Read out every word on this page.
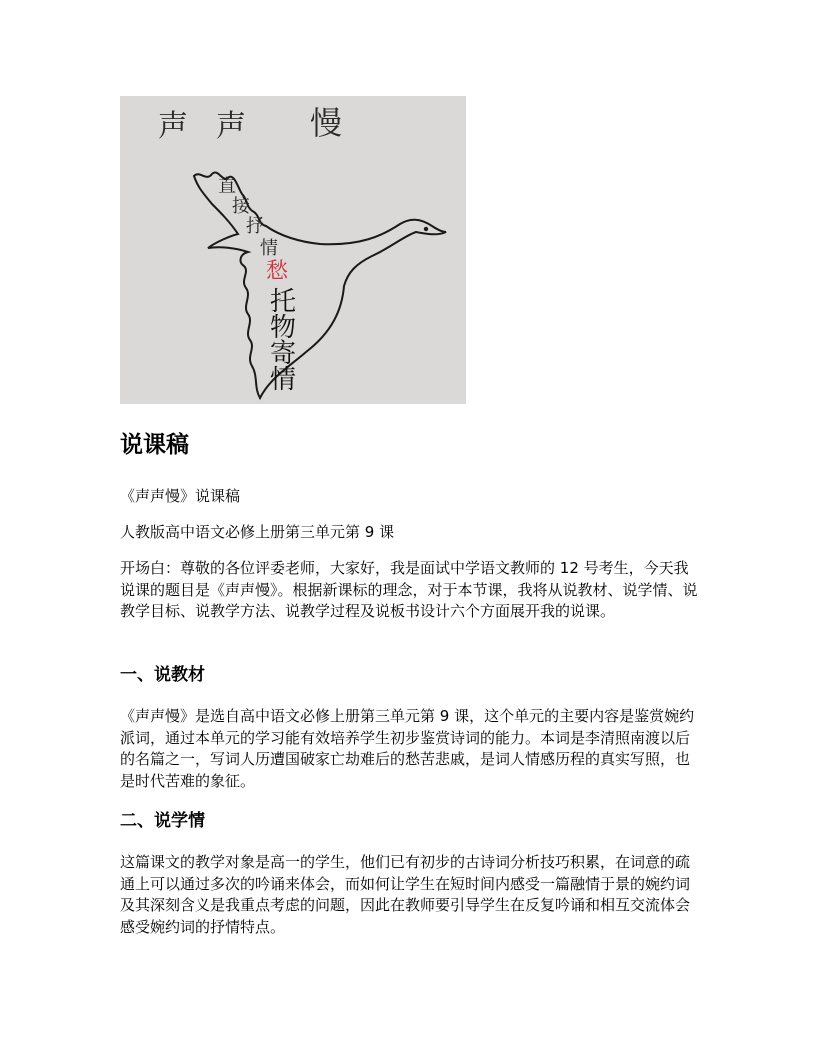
声 声 慢
直
接
抒
情
愁
托
物
寄
情
说课稿

《声声慢》说课稿

人教版高中语文必修上册第三单元第 9 课

开场白：尊敬的各位评委老师，大家好，我是面试中学语文教师的 12 号考生，今天我说课的题目是《声声慢》。根据新课标的理念，对于本节课，我将从说教材、说学情、说教学目标、说教学方法、说教学过程及说板书设计六个方面展开我的说课。

一、说教材

《声声慢》是选自高中语文必修上册第三单元第 9 课，这个单元的主要内容是鉴赏婉约派词，通过本单元的学习能有效培养学生初步鉴赏诗词的能力。本词是李清照南渡以后的名篇之一，写词人历遭国破家亡劫难后的愁苦悲戚，是词人情感历程的真实写照，也是时代苦难的象征。

二、说学情

这篇课文的教学对象是高一的学生，他们已有初步的古诗词分析技巧积累，在词意的疏通上可以通过多次的吟诵来体会，而如何让学生在短时间内感受一篇融情于景的婉约词及其深刻含义是我重点考虑的问题，因此在教师要引导学生在反复吟诵和相互交流体会感受婉约词的抒情特点。
